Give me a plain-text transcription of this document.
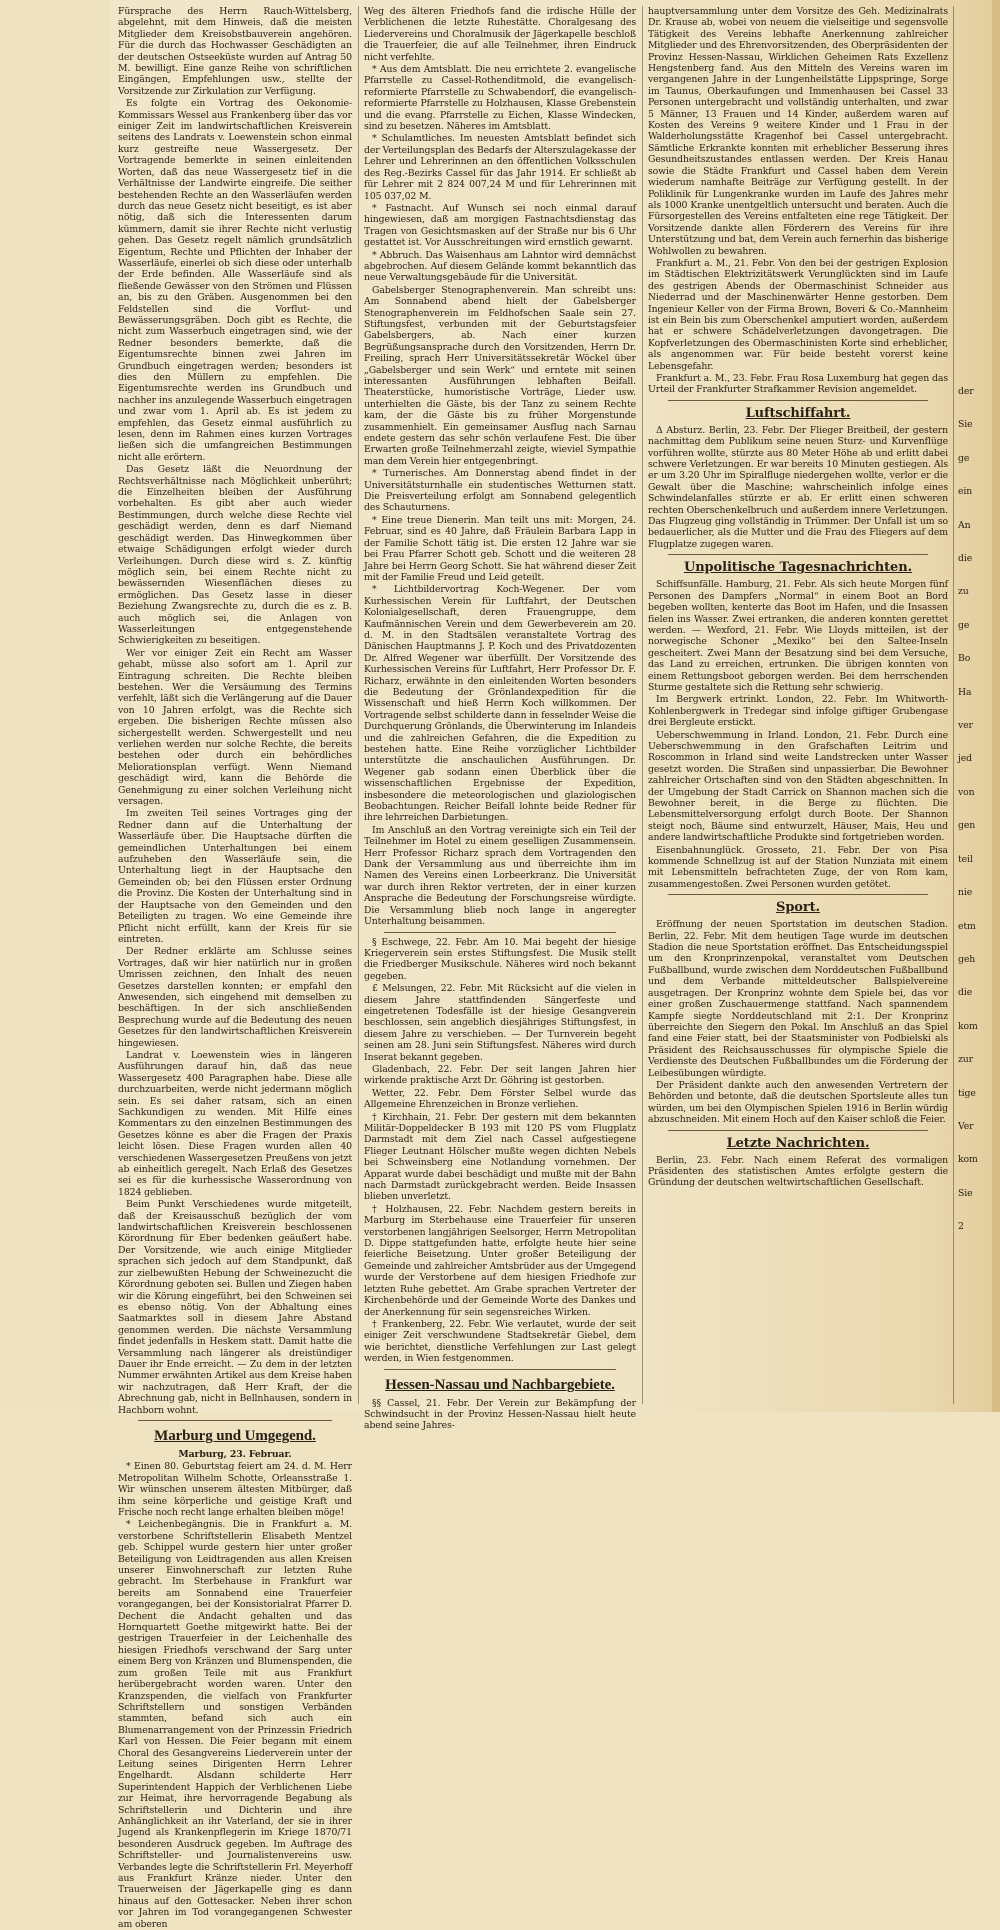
Fürsprache des Herrn Rauch-Wittelsberg, abgelehnt, mit dem Hinweis, daß die meisten Mitglieder dem Kreisobstbauverein angehören. Für die durch das Hochwasser Geschädigten an der deutschen Ostseeküste wurden auf Antrag 50 M. bewilligt. Eine ganze Reihe von schriftlichen Eingängen, Empfehlungen usw., stellte der Vorsitzende zur Zirkulation zur Verfügung.

Es folgte ein Vortrag des Oekonomie-Kommissars Wessel aus Frankenberg über das vor einiger Zeit im landwirtschaftlichen Kreisverein seitens des Landrats v. Loewenstein schon einmal kurz gestreifte neue Wassergesetz. Der Vortragende bemerkte in seinen einleitenden Worten, daß das neue Wassergesetz tief in die Verhältnisse der Landwirte eingreife. Die seither bestehenden Rechte an den Wasserläufen werden durch das neue Gesetz nicht beseitigt, es ist aber nötig, daß sich die Interessenten darum kümmern, damit sie ihrer Rechte nicht verlustig gehen. Das Gesetz regelt nämlich grundsätzlich Eigentum, Rechte und Pflichten der Inhaber der Wasserläufe, einerlei ob sich diese oder unterhalb der Erde befinden. Alle Wasserläufe sind als fließende Gewässer von den Strömen und Flüssen an, bis zu den Gräben. Ausgenommen bei den Feldstellen sind die Vorflut- und Bewässerungsgräben. Doch gibt es Rechte, die nicht zum Wasserbuch eingetragen sind, wie der Redner besonders bemerkte, daß die Eigentumsrechte binnen zwei Jahren im Grundbuch eingetragen werden; besonders ist dies den Müllern zu empfehlen. Die Eigentumsrechte werden ins Grundbuch und nachher ins anzulegende Wasserbuch eingetragen und zwar vom 1. April ab. Es ist jedem zu empfehlen, das Gesetz einmal ausführlich zu lesen, denn im Rahmen eines kurzen Vortrages ließen sich die umfangreichen Bestimmungen nicht alle erörtern.

Das Gesetz läßt die Neuordnung der Rechtsverhältnisse nach Möglichkeit unberührt; die Einzelheiten bleiben der Ausführung vorbehalten. Es gibt aber auch wieder Bestimmungen, durch welche diese Rechte viel geschädigt werden, denn es darf Niemand geschädigt werden. Das Hinwegkommen über etwaige Schädigungen erfolgt wieder durch Verleihungen. Durch diese wird s. Z. künftig möglich sein, bei einem Rechte nicht zu bewässernden Wiesenflächen dieses zu ermöglichen. Das Gesetz lasse in dieser Beziehung Zwangsrechte zu, durch die es z. B. auch möglich sei, die Anlagen von Wasserleitungen entgegenstehende Schwierigkeiten zu beseitigen.

Wer vor einiger Zeit ein Recht am Wasser gehabt, müsse also sofort am 1. April zur Eintragung schreiten. Die Rechte bleiben bestehen. Wer die Versäumung des Termins verfehlt, läßt sich die Verlängerung auf die Dauer von 10 Jahren erfolgt, was die Rechte sich ergeben. Die bisherigen Rechte müssen also sichergestellt werden. Schwergestellt und neu verliehen werden nur solche Rechte, die bereits bestehen oder durch ein behördliches Meliorationsplan verfügt. Wenn Niemand geschädigt wird, kann die Behörde die Genehmigung zu einer solchen Verleihung nicht versagen.

Im zweiten Teil seines Vortrages ging der Redner dann auf die Unterhaltung der Wasserläufe über. Die Hauptsache dürften die gemeindlichen Unterhaltungen bei einem aufzuheben den Wasserläufe sein, die Unterhaltung liegt in der Hauptsache den Gemeinden ob; bei den Flüssen erster Ordnung die Provinz. Die Kosten der Unterhaltung sind in der Hauptsache von den Gemeinden und den Beteiligten zu tragen. Wo eine Gemeinde ihre Pflicht nicht erfüllt, kann der Kreis für sie eintreten.

Der Redner erklärte am Schlusse seines Vortrages, daß wir hier natürlich nur in großen Umrissen zeichnen, den Inhalt des neuen Gesetzes darstellen konnten; er empfahl den Anwesenden, sich eingehend mit demselben zu beschäftigen. In der sich anschließenden Besprechung wurde auf die Bedeutung des neuen Gesetzes für den landwirtschaftlichen Kreisverein hingewiesen.

Landrat v. Loewenstein wies in längeren Ausführungen darauf hin, daß das neue Wassergesetz 400 Paragraphen habe. Diese alle durchzuarbeiten, werde nicht jedermann möglich sein. Es sei daher ratsam, sich an einen Sachkundigen zu wenden. Mit Hilfe eines Kommentars zu den einzelnen Bestimmungen des Gesetzes könne es aber die Fragen der Praxis leicht lösen. Diese Fragen wurden allen 40 verschiedenen Wassergesetzen Preußens von jetzt ab einheitlich geregelt. Nach Erlaß des Gesetzes sei es für die kurhessische Wasserordnung von 1824 geblieben.

Beim Punkt Verschiedenes wurde mitgeteilt, daß der Kreisausschuß bezüglich der vom landwirtschaftlichen Kreisverein beschlossenen Körordnung für Eber bedenken geäußert habe. Der Vorsitzende, wie auch einige Mitglieder sprachen sich jedoch auf dem Standpunkt, daß zur zielbewußten Hebung der Schweinezucht die Körordnung geboten sei. Bullen und Ziegen haben wir die Körung eingeführt, bei den Schweinen sei es ebenso nötig. Von der Abhaltung eines Saatmarktes soll in diesem Jahre Abstand genommen werden. Die nächste Versammlung findet jedenfalls in Heskem statt. Damit hatte die Versammlung nach längerer als dreistündiger Dauer ihr Ende erreicht. — Zu dem in der letzten Nummer erwähnten Artikel aus dem Kreise haben wir nachzutragen, daß Herr Kraft, der die Abrechnung gab, nicht in Bellnhausen, sondern in Hachborn wohnt.

Marburg und Umgegend.

Marburg, 23. Februar.

* Einen 80. Geburtstag feiert am 24. d. M. Herr Metropolitan Wilhelm Schotte, Orleansstraße 1. Wir wünschen unserem ältesten Mitbürger, daß ihm seine körperliche und geistige Kraft und Frische noch recht lange erhalten bleiben möge!

* Leichenbegängnis. Die in Frankfurt a. M. verstorbene Schriftstellerin Elisabeth Mentzel geb. Schippel wurde gestern hier unter großer Beteiligung von Leidtragenden aus allen Kreisen unserer Einwohnerschaft zur letzten Ruhe gebracht. Im Sterbehause in Frankfurt war bereits am Sonnabend eine Trauerfeier vorangegangen, bei der Konsistorialrat Pfarrer D. Dechent die Andacht gehalten und das Hornquartett Goethe mitgewirkt hatte. Bei der gestrigen Trauerfeier in der Leichenhalle des hiesigen Friedhofs verschwand der Sarg unter einem Berg von Kränzen und Blumenspenden, die zum großen Teile mit aus Frankfurt herübergebracht worden waren. Unter den Kranzspenden, die vielfach von Frankfurter Schriftstellern und sonstigen Verbänden stammten, befand sich auch ein Blumenarrangement von der Prinzessin Friedrich Karl von Hessen. Die Feier begann mit einem Choral des Gesangvereins Liederverein unter der Leitung seines Dirigenten Herrn Lehrer Engelhardt. Alsdann schilderte Herr Superintendent Happich der Verblichenen Liebe zur Heimat, ihre hervorragende Begabung als Schriftstellerin und Dichterin und ihre Anhänglichkeit an ihr Vaterland, der sie in ihrer Jugend als Krankenpflegerin im Kriege 1870/71 besonderen Ausdruck gegeben. Im Auftrage des Schriftsteller- und Journalistenvereins usw. Verbandes legte die Schriftstellerin Frl. Meyerhoff aus Frankfurt Kränze nieder. Unter den Trauerweisen der Jägerkapelle ging es dann hinaus auf den Gottesacker. Neben ihrer schon vor Jahren im Tod vorangegangenen Schwester am oberen

Weg des älteren Friedhofs fand die irdische Hülle der Verblichenen die letzte Ruhestätte. Choralgesang des Liedervereins und Choralmusik der Jägerkapelle beschloß die Trauerfeier, die auf alle Teilnehmer, ihren Eindruck nicht verfehlte.

* Aus dem Amtsblatt. Die neu errichtete 2. evangelische Pfarrstelle zu Cassel-Rothenditmold, die evangelisch-reformierte Pfarrstelle zu Schwabendorf, die evangelisch-reformierte Pfarrstelle zu Holzhausen, Klasse Grebenstein und die evang. Pfarrstelle zu Eichen, Klasse Windecken, sind zu besetzen. Näheres im Amtsblatt.

* Schulamtliches. Im neuesten Amtsblatt befindet sich der Verteilungsplan des Bedarfs der Alterszulagekasse der Lehrer und Lehrerinnen an den öffentlichen Volksschulen des Reg.-Bezirks Cassel für das Jahr 1914. Er schließt ab für Lehrer mit 2 824 007,24 M und für Lehrerinnen mit 105 037,02 M.

* Fastnacht. Auf Wunsch sei noch einmal darauf hingewiesen, daß am morgigen Fastnachtsdienstag das Tragen von Gesichtsmasken auf der Straße nur bis 6 Uhr gestattet ist. Vor Ausschreitungen wird ernstlich gewarnt.

* Abbruch. Das Waisenhaus am Lahntor wird demnächst abgebrochen. Auf diesem Gelände kommt bekanntlich das neue Verwaltungsgebäude für die Universität.

Gabelsberger Stenographenverein. Man schreibt uns: Am Sonnabend abend hielt der Gabelsberger Stenographenverein im Feldhofschen Saale sein 27. Stiftungsfest, verbunden mit der Geburtstagsfeier Gabelsbergers, ab. Nach einer kurzen Begrüßungsansprache durch den Vorsitzenden, Herrn Dr. Freiling, sprach Herr Universitätssekretär Wöckel über „Gabelsberger und sein Werk“ und erntete mit seinen interessanten Ausführungen lebhaften Beifall. Theaterstücke, humoristische Vorträge, Lieder usw. unterhielten die Gäste, bis der Tanz zu seinem Rechte kam, der die Gäste bis zu früher Morgenstunde zusammenhielt. Ein gemeinsamer Ausflug nach Sarnau endete gestern das sehr schön verlaufene Fest. Die über Erwarten große Teilnehmerzahl zeigte, wieviel Sympathie man dem Verein hier entgegenbringt.

* Turnerisches. Am Donnerstag abend findet in der Universitätsturnhalle ein studentisches Wetturnen statt. Die Preisverteilung erfolgt am Sonnabend gelegentlich des Schauturnens.

* Eine treue Dienerin. Man teilt uns mit: Morgen, 24. Februar, sind es 40 Jahre, daß Fräulein Barbara Lapp in der Familie Schott tätig ist. Die ersten 12 Jahre war sie bei Frau Pfarrer Schott geb. Schott und die weiteren 28 Jahre bei Herrn Georg Schott. Sie hat während dieser Zeit mit der Familie Freud und Leid geteilt.

* Lichtbildervortrag Koch-Wegener. Der vom Kurhessischen Verein für Luftfahrt, der Deutschen Kolonialgesellschaft, deren Frauengruppe, dem Kaufmännischen Verein und dem Gewerbeverein am 20. d. M. in den Stadtsälen veranstaltete Vortrag des Dänischen Hauptmanns J. P. Koch und des Privatdozenten Dr. Alfred Wegener war überfüllt. Der Vorsitzende des Kurhessischen Vereins für Luftfahrt, Herr Professor Dr. F. Richarz, erwähnte in den einleitenden Worten besonders die Bedeutung der Grönlandexpedition für die Wissenschaft und hieß Herrn Koch willkommen. Der Vortragende selbst schilderte dann in fesselnder Weise die Durchquerung Grönlands, die Überwinterung im Inlandeis und die zahlreichen Gefahren, die die Expedition zu bestehen hatte. Eine Reihe vorzüglicher Lichtbilder unterstützte die anschaulichen Ausführungen. Dr. Wegener gab sodann einen Überblick über die wissenschaftlichen Ergebnisse der Expedition, insbesondere die meteorologischen und glaziologischen Beobachtungen. Reicher Beifall lohnte beide Redner für ihre lehrreichen Darbietungen.

Im Anschluß an den Vortrag vereinigte sich ein Teil der Teilnehmer im Hotel zu einem geselligen Zusammensein. Herr Professor Richarz sprach dem Vortragenden den Dank der Versammlung aus und überreichte ihm im Namen des Vereins einen Lorbeerkranz. Die Universität war durch ihren Rektor vertreten, der in einer kurzen Ansprache die Bedeutung der Forschungsreise würdigte. Die Versammlung blieb noch lange in angeregter Unterhaltung beisammen.

§ Eschwege, 22. Febr. Am 10. Mai begeht der hiesige Kriegerverein sein erstes Stiftungsfest. Die Musik stellt die Friedberger Musikschule. Näheres wird noch bekannt gegeben.

£ Melsungen, 22. Febr. Mit Rücksicht auf die vielen in diesem Jahre stattfindenden Sängerfeste und eingetretenen Todesfälle ist der hiesige Gesangverein beschlossen, sein angeblich diesjähriges Stiftungsfest, in diesem Jahre zu verschieben. — Der Turnverein begeht seinen am 28. Juni sein Stiftungsfest. Näheres wird durch Inserat bekannt gegeben.

Gladenbach, 22. Febr. Der seit langen Jahren hier wirkende praktische Arzt Dr. Göhring ist gestorben.

Wetter, 22. Febr. Dem Förster Selbel wurde das Allgemeine Ehrenzeichen in Bronze verliehen.

† Kirchhain, 21. Febr. Der gestern mit dem bekannten Militär-Doppeldecker B 193 mit 120 PS vom Flugplatz Darmstadt mit dem Ziel nach Cassel aufgestiegene Flieger Leutnant Hölscher mußte wegen dichten Nebels bei Schweinsberg eine Notlandung vornehmen. Der Apparat wurde dabei beschädigt und mußte mit der Bahn nach Darmstadt zurückgebracht werden. Beide Insassen blieben unverletzt.

† Holzhausen, 22. Febr. Nachdem gestern bereits in Marburg im Sterbehause eine Trauerfeier für unseren verstorbenen langjährigen Seelsorger, Herrn Metropolitan D. Dippe stattgefunden hatte, erfolgte heute hier seine feierliche Beisetzung. Unter großer Beteiligung der Gemeinde und zahlreicher Amtsbrüder aus der Umgegend wurde der Verstorbene auf dem hiesigen Friedhofe zur letzten Ruhe gebettet. Am Grabe sprachen Vertreter der Kirchenbehörde und der Gemeinde Worte des Dankes und der Anerkennung für sein segensreiches Wirken.

† Frankenberg, 22. Febr. Wie verlautet, wurde der seit einiger Zeit verschwundene Stadtsekretär Giebel, dem wie berichtet, dienstliche Verfehlungen zur Last gelegt werden, in Wien festgenommen.

Hessen-Nassau und Nachbargebiete.

§§ Cassel, 21. Febr. Der Verein zur Bekämpfung der Schwindsucht in der Provinz Hessen-Nassau hielt heute abend seine Jahres-

hauptversammlung unter dem Vorsitze des Geh. Medizinalrats Dr. Krause ab, wobei von neuem die vielseitige und segensvolle Tätigkeit des Vereins lebhafte Anerkennung zahlreicher Mitglieder und des Ehrenvorsitzenden, des Oberpräsidenten der Provinz Hessen-Nassau, Wirklichen Geheimen Rats Exzellenz Hengstenberg fand. Aus den Mitteln des Vereins waren im vergangenen Jahre in der Lungenheilstätte Lippspringe, Sorge im Taunus, Oberkaufungen und Immenhausen bei Cassel 33 Personen untergebracht und vollständig unterhalten, und zwar 5 Männer, 13 Frauen und 14 Kinder, außerdem waren auf Kosten des Vereins 9 weitere Kinder und 1 Frau in der Walderholungsstätte Kragenhof bei Cassel untergebracht. Sämtliche Erkrankte konnten mit erheblicher Besserung ihres Gesundheitszustandes entlassen werden. Der Kreis Hanau sowie die Städte Frankfurt und Cassel haben dem Verein wiederum namhafte Beiträge zur Verfügung gestellt. In der Poliklinik für Lungenkranke wurden im Laufe des Jahres mehr als 1000 Kranke unentgeltlich untersucht und beraten. Auch die Fürsorgestellen des Vereins entfalteten eine rege Tätigkeit. Der Vorsitzende dankte allen Förderern des Vereins für ihre Unterstützung und bat, dem Verein auch fernerhin das bisherige Wohlwollen zu bewahren.

Frankfurt a. M., 21. Febr. Von den bei der gestrigen Explosion im Städtischen Elektrizitätswerk Verunglückten sind im Laufe des gestrigen Abends der Obermaschinist Schneider aus Niederrad und der Maschinenwärter Henne gestorben. Dem Ingenieur Keller von der Firma Brown, Boveri & Co.-Mannheim ist ein Bein bis zum Oberschenkel amputiert worden, außerdem hat er schwere Schädelverletzungen davongetragen. Die Kopfverletzungen des Obermaschinisten Korte sind erheblicher, als angenommen war. Für beide besteht vorerst keine Lebensgefahr.

Frankfurt a. M., 23. Febr. Frau Rosa Luxemburg hat gegen das Urteil der Frankfurter Strafkammer Revision angemeldet.

Luftschiffahrt.

Δ Absturz. Berlin, 23. Febr. Der Flieger Breitbeil, der gestern nachmittag dem Publikum seine neuen Sturz- und Kurvenflüge vorführen wollte, stürzte aus 80 Meter Höhe ab und erlitt dabei schwere Verletzungen. Er war bereits 10 Minuten gestiegen. Als er um 3.20 Uhr im Spiralfluge niedergehen wollte, verlor er die Gewalt über die Maschine; wahrscheinlich infolge eines Schwindelanfalles stürzte er ab. Er erlitt einen schweren rechten Oberschenkelbruch und außerdem innere Verletzungen. Das Flugzeug ging vollständig in Trümmer. Der Unfall ist um so bedauerlicher, als die Mutter und die Frau des Fliegers auf dem Flugplatze zugegen waren.

Unpolitische Tagesnachrichten.

Schiffsunfälle. Hamburg, 21. Febr. Als sich heute Morgen fünf Personen des Dampfers „Normal“ in einem Boot an Bord begeben wollten, kenterte das Boot im Hafen, und die Insassen fielen ins Wasser. Zwei ertranken, die anderen konnten gerettet werden. — Wexford, 21. Febr. Wie Lloyds mitteilen, ist der norwegische Schoner „Mexiko“ bei den Saltee-Inseln gescheitert. Zwei Mann der Besatzung sind bei dem Versuche, das Land zu erreichen, ertrunken. Die übrigen konnten von einem Rettungsboot geborgen werden. Bei dem herrschenden Sturme gestaltete sich die Rettung sehr schwierig.

Im Bergwerk ertrinkt. London, 22. Febr. Im Whitworth-Kohlenbergwerk in Tredegar sind infolge giftiger Grubengase drei Bergleute erstickt.

Ueberschwemmung in Irland. London, 21. Febr. Durch eine Ueberschwemmung in den Grafschaften Leitrim und Roscommon in Irland sind weite Landstrecken unter Wasser gesetzt worden. Die Straßen sind unpassierbar. Die Bewohner zahlreicher Ortschaften sind von den Städten abgeschnitten. In der Umgebung der Stadt Carrick on Shannon machen sich die Bewohner bereit, in die Berge zu flüchten. Die Lebensmittelversorgung erfolgt durch Boote. Der Shannon steigt noch, Bäume sind entwurzelt, Häuser, Mais, Heu und andere landwirtschaftliche Produkte sind fortgetrieben worden.

Eisenbahnunglück. Grosseto, 21. Febr. Der von Pisa kommende Schnellzug ist auf der Station Nunziata mit einem mit Lebensmitteln befrachteten Zuge, der von Rom kam, zusammengestoßen. Zwei Personen wurden getötet.

Sport.

Eröffnung der neuen Sportstation im deutschen Stadion. Berlin, 22. Febr. Mit dem heutigen Tage wurde im deutschen Stadion die neue Sportstation eröffnet. Das Entscheidungsspiel um den Kronprinzenpokal, veranstaltet vom Deutschen Fußballbund, wurde zwischen dem Norddeutschen Fußballbund und dem Verbande mitteldeutscher Ballspielvereine ausgetragen. Der Kronprinz wohnte dem Spiele bei, das vor einer großen Zuschauermenge stattfand. Nach spannendem Kampfe siegte Norddeutschland mit 2:1. Der Kronprinz überreichte den Siegern den Pokal. Im Anschluß an das Spiel fand eine Feier statt, bei der Staatsminister von Podbielski als Präsident des Reichsausschusses für olympische Spiele die Verdienste des Deutschen Fußballbundes um die Förderung der Leibesübungen würdigte.

Der Präsident dankte auch den anwesenden Vertretern der Behörden und betonte, daß die deutschen Sportsleute alles tun würden, um bei den Olympischen Spielen 1916 in Berlin würdig abzuschneiden. Mit einem Hoch auf den Kaiser schloß die Feier.

Letzte Nachrichten.

Berlin, 23. Febr. Nach einem Referat des vormaligen Präsidenten des statistischen Amtes erfolgte gestern die Gründung der deutschen weltwirtschaftlichen Gesellschaft.

der
Sie
ge
ein
An
die
zu
ge
Bo
Ha
ver
jed
von
gen
teil
nie
etm
geh
die
kom
zur
tige
Ver
kom
Sie
2
